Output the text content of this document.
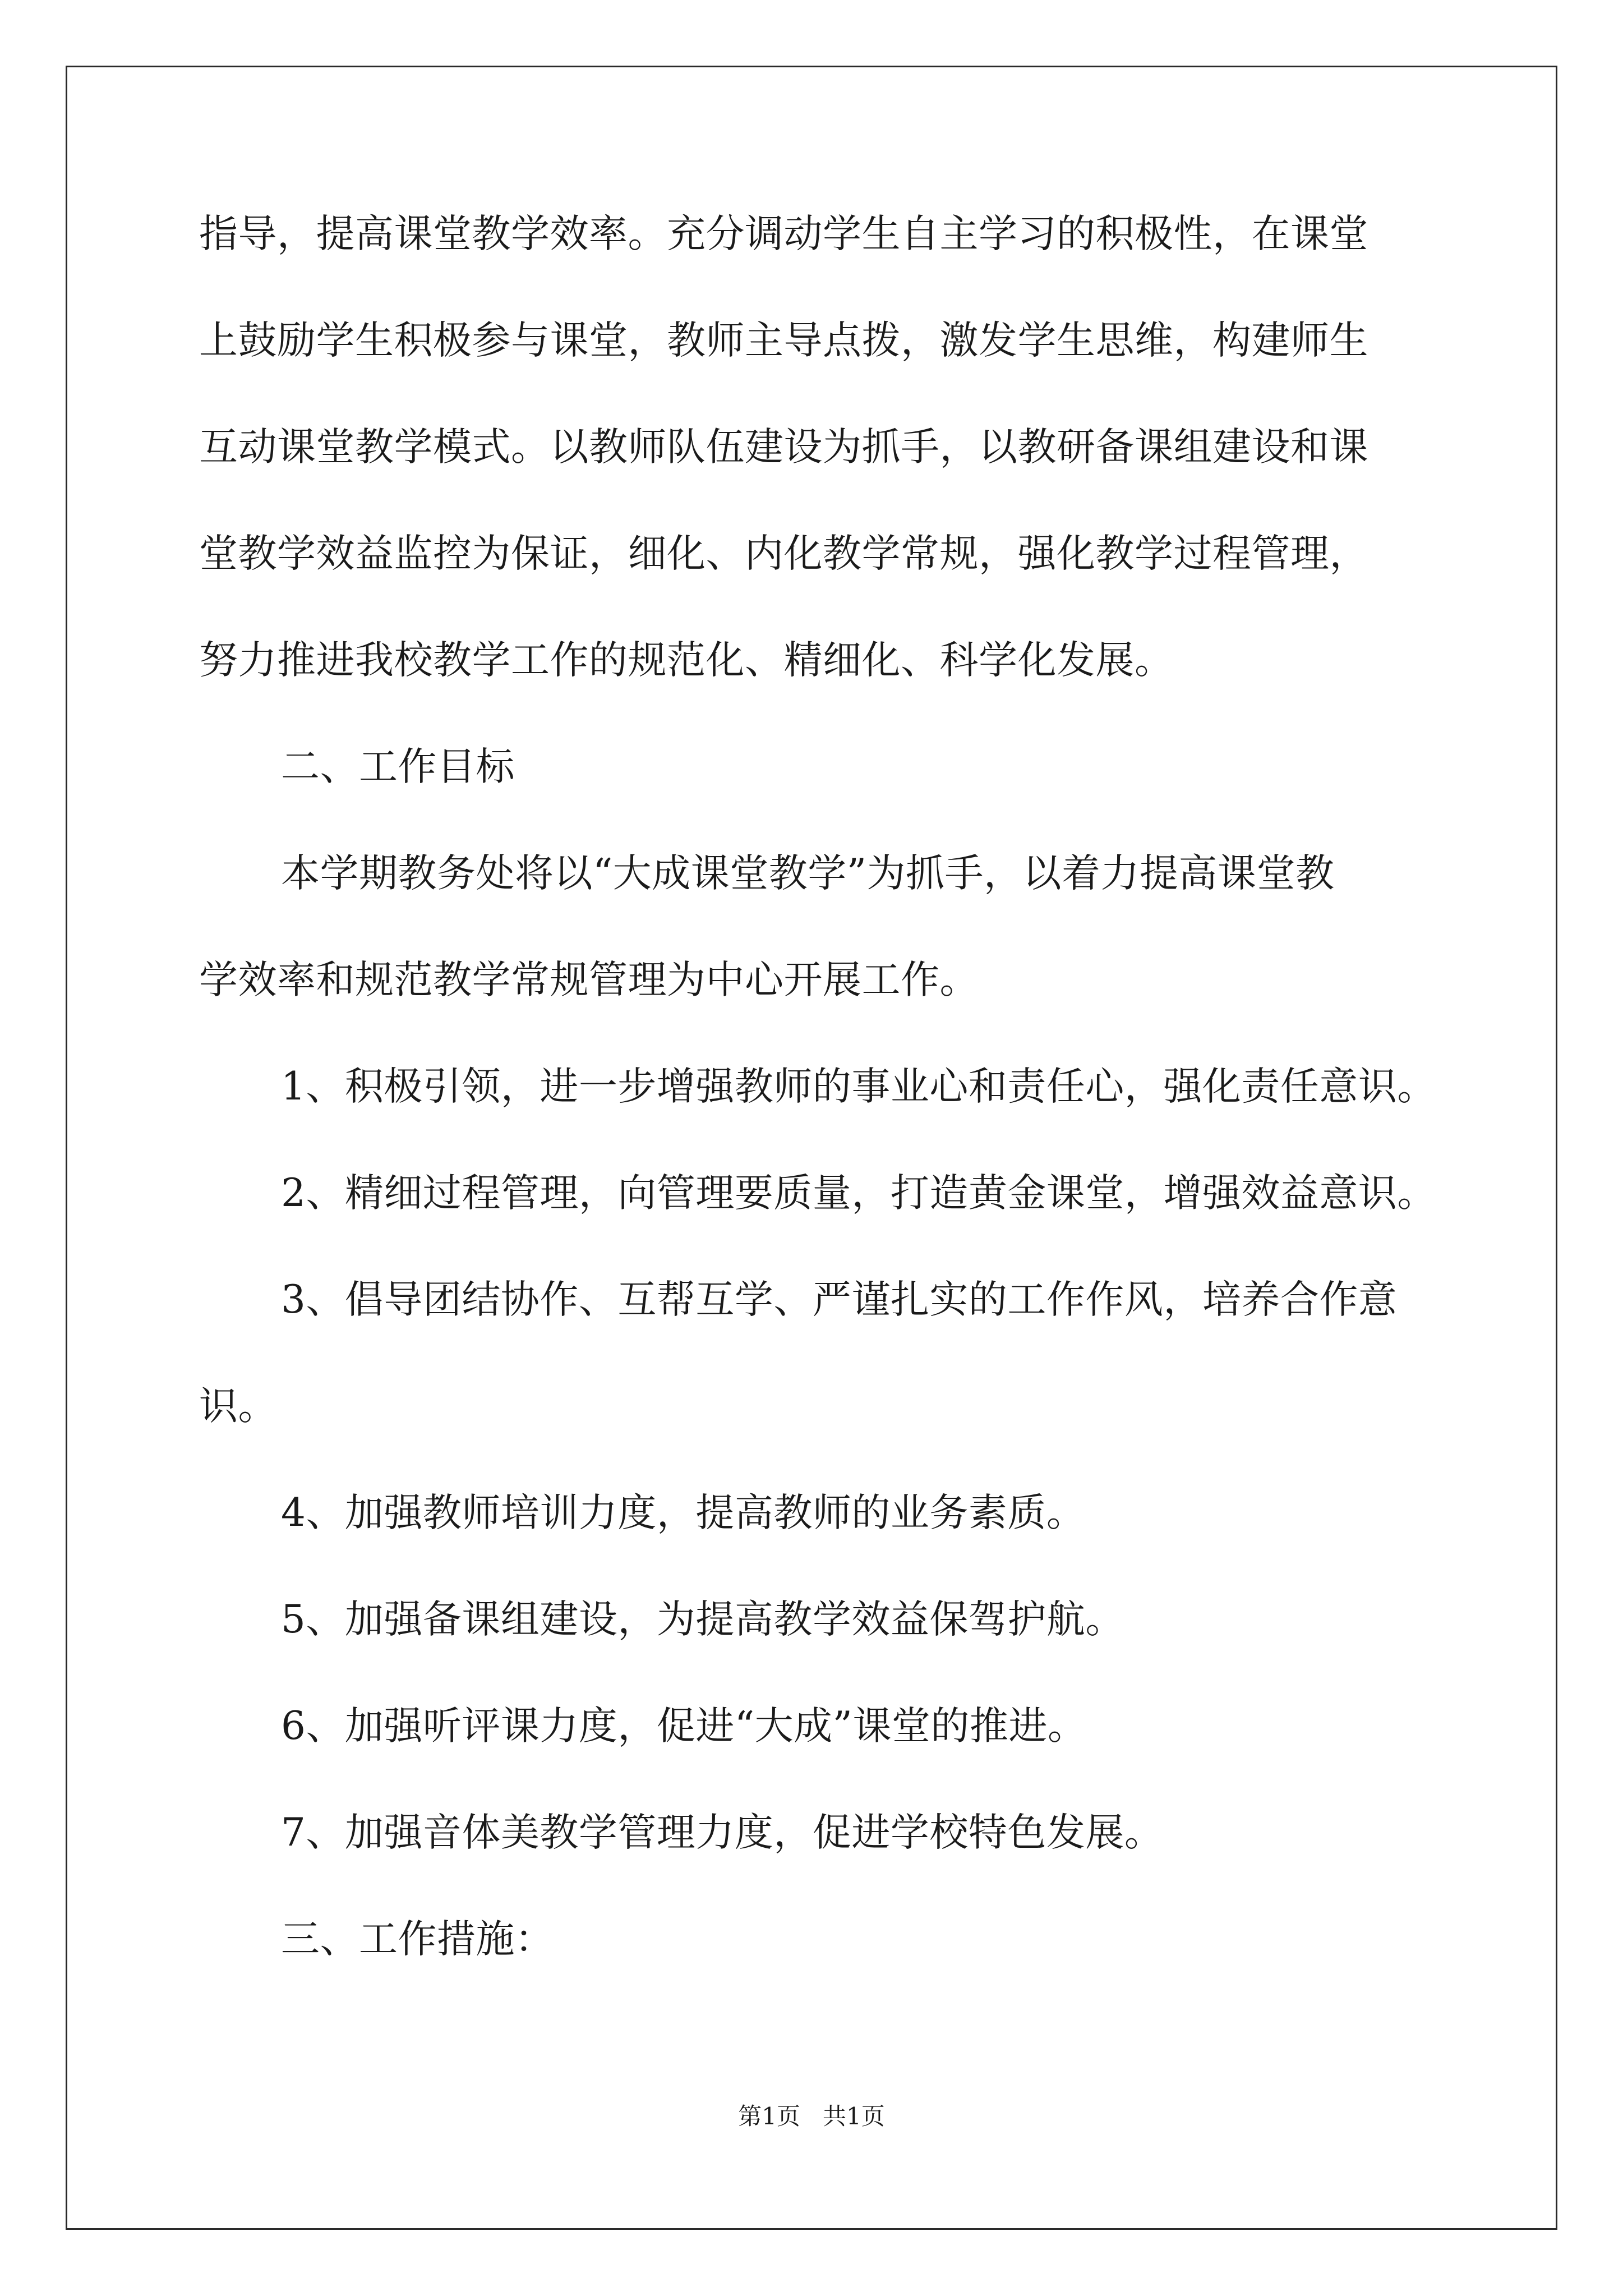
指导，提高课堂教学效率。充分调动学生自主学习的积极性，在课堂
上鼓励学生积极参与课堂，教师主导点拨，激发学生思维，构建师生
互动课堂教学模式。以教师队伍建设为抓手，以教研备课组建设和课
堂教学效益监控为保证，细化、内化教学常规，强化教学过程管理，
努力推进我校教学工作的规范化、精细化、科学化发展。
二、工作目标
本学期教务处将以“大成课堂教学”为抓手，以着力提高课堂教
学效率和规范教学常规管理为中心开展工作。
1、积极引领，进一步增强教师的事业心和责任心，强化责任意识。
2、精细过程管理，向管理要质量，打造黄金课堂，增强效益意识。
3、倡导团结协作、互帮互学、严谨扎实的工作作风，培养合作意
识。
4、加强教师培训力度，提高教师的业务素质。
5、加强备课组建设，为提高教学效益保驾护航。
6、加强听评课力度，促进“大成”课堂的推进。
7、加强音体美教学管理力度，促进学校特色发展。
三、工作措施：
第1页   共1页
